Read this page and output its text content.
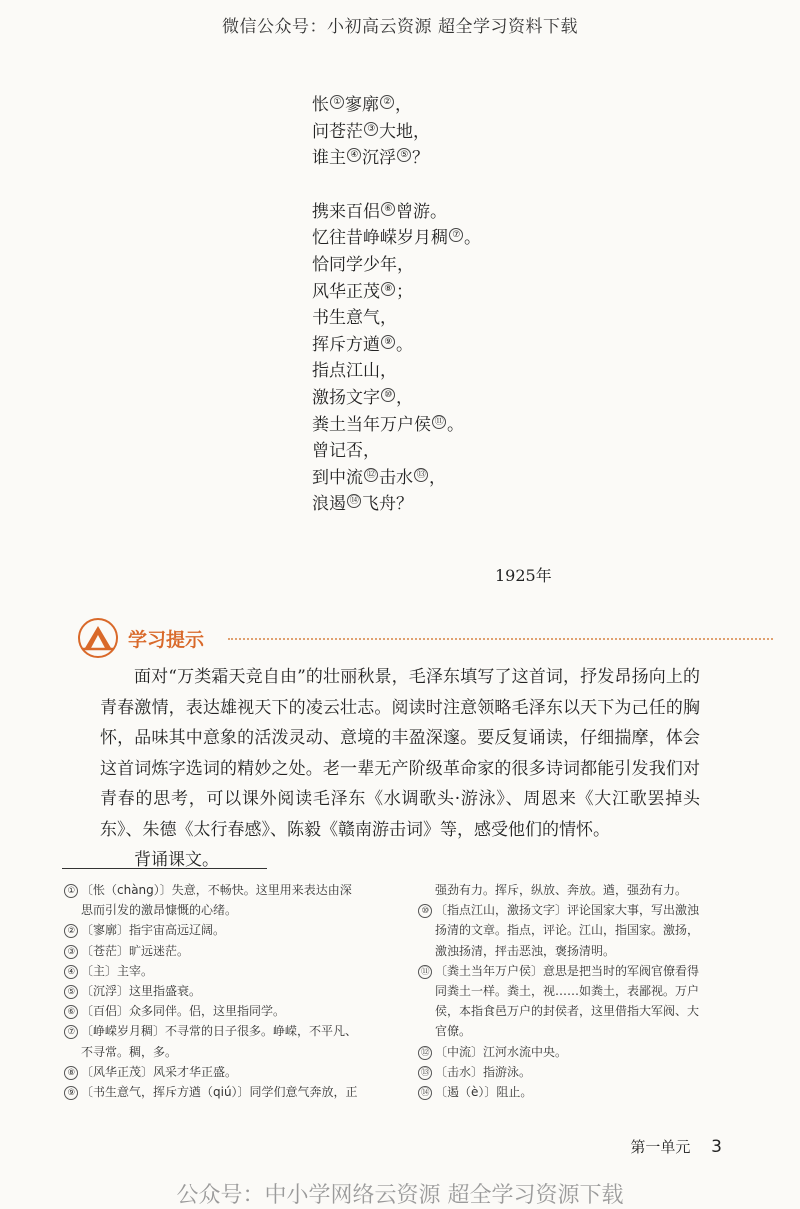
微信公众号：小初高云资源 超全学习资料下载
怅 ① 寥廓 ② ，
问苍茫 ③ 大地，
谁主 ④ 沉浮 ⑤ ？
携来百侣 ⑥ 曾游。
忆往昔峥嵘岁月稠 ⑦ 。
恰同学少年，
风华正茂 ⑧ ；
书生意气，
挥斥方遒 ⑨ 。
指点江山，
激扬文字 ⑩ ，
粪土当年万户侯 ⑪ 。
曾记否，
到中流 ⑫ 击水 ⑬ ，
浪遏 ⑭ 飞舟？
1925年
学习提示

面对“万类霜天竞自由”的壮丽秋景，毛泽东填写了这首词，抒发昂扬向上的青春激情，表达雄视天下的凌云壮志。阅读时注意领略毛泽东以天下为己任的胸怀，品味其中意象的活泼灵动、意境的丰盈深邃。要反复诵读，仔细揣摩，体会这首词炼字选词的精妙之处。老一辈无产阶级革命家的很多诗词都能引发我们对青春的思考，可以课外阅读毛泽东《水调歌头·游泳》、周恩来《大江歌罢掉头东》、朱德《太行春感》、陈毅《赣南游击词》等，感受他们的情怀。

背诵课文。

① 〔怅（chàng）〕失意，不畅快。这里用来表达由深
思而引发的激昂慷慨的心绪。
② 〔寥廓〕指宇宙高远辽阔。
③ 〔苍茫〕旷远迷茫。
④ 〔主〕主宰。
⑤ 〔沉浮〕这里指盛衰。
⑥ 〔百侣〕众多同伴。侣，这里指同学。
⑦ 〔峥嵘岁月稠〕不寻常的日子很多。峥嵘，不平凡、
不寻常。稠，多。
⑧ 〔风华正茂〕风采才华正盛。
⑨ 〔书生意气，挥斥方遒（qiú）〕同学们意气奔放，正
强劲有力。挥斥，纵放、奔放。遒，强劲有力。
⑩ 〔指点江山，激扬文字〕评论国家大事，写出激浊
扬清的文章。指点，评论。江山，指国家。激扬，
激浊扬清，抨击恶浊，褒扬清明。
⑪ 〔粪土当年万户侯〕意思是把当时的军阀官僚看得
同粪土一样。粪土，视……如粪土，表鄙视。万户
侯，本指食邑万户的封侯者，这里借指大军阀、大
官僚。
⑫ 〔中流〕江河水流中央。
⑬ 〔击水〕指游泳。
⑭ 〔遏（è）〕阻止。
第一单元 3
公众号：中小学网络云资源 超全学习资源下载
